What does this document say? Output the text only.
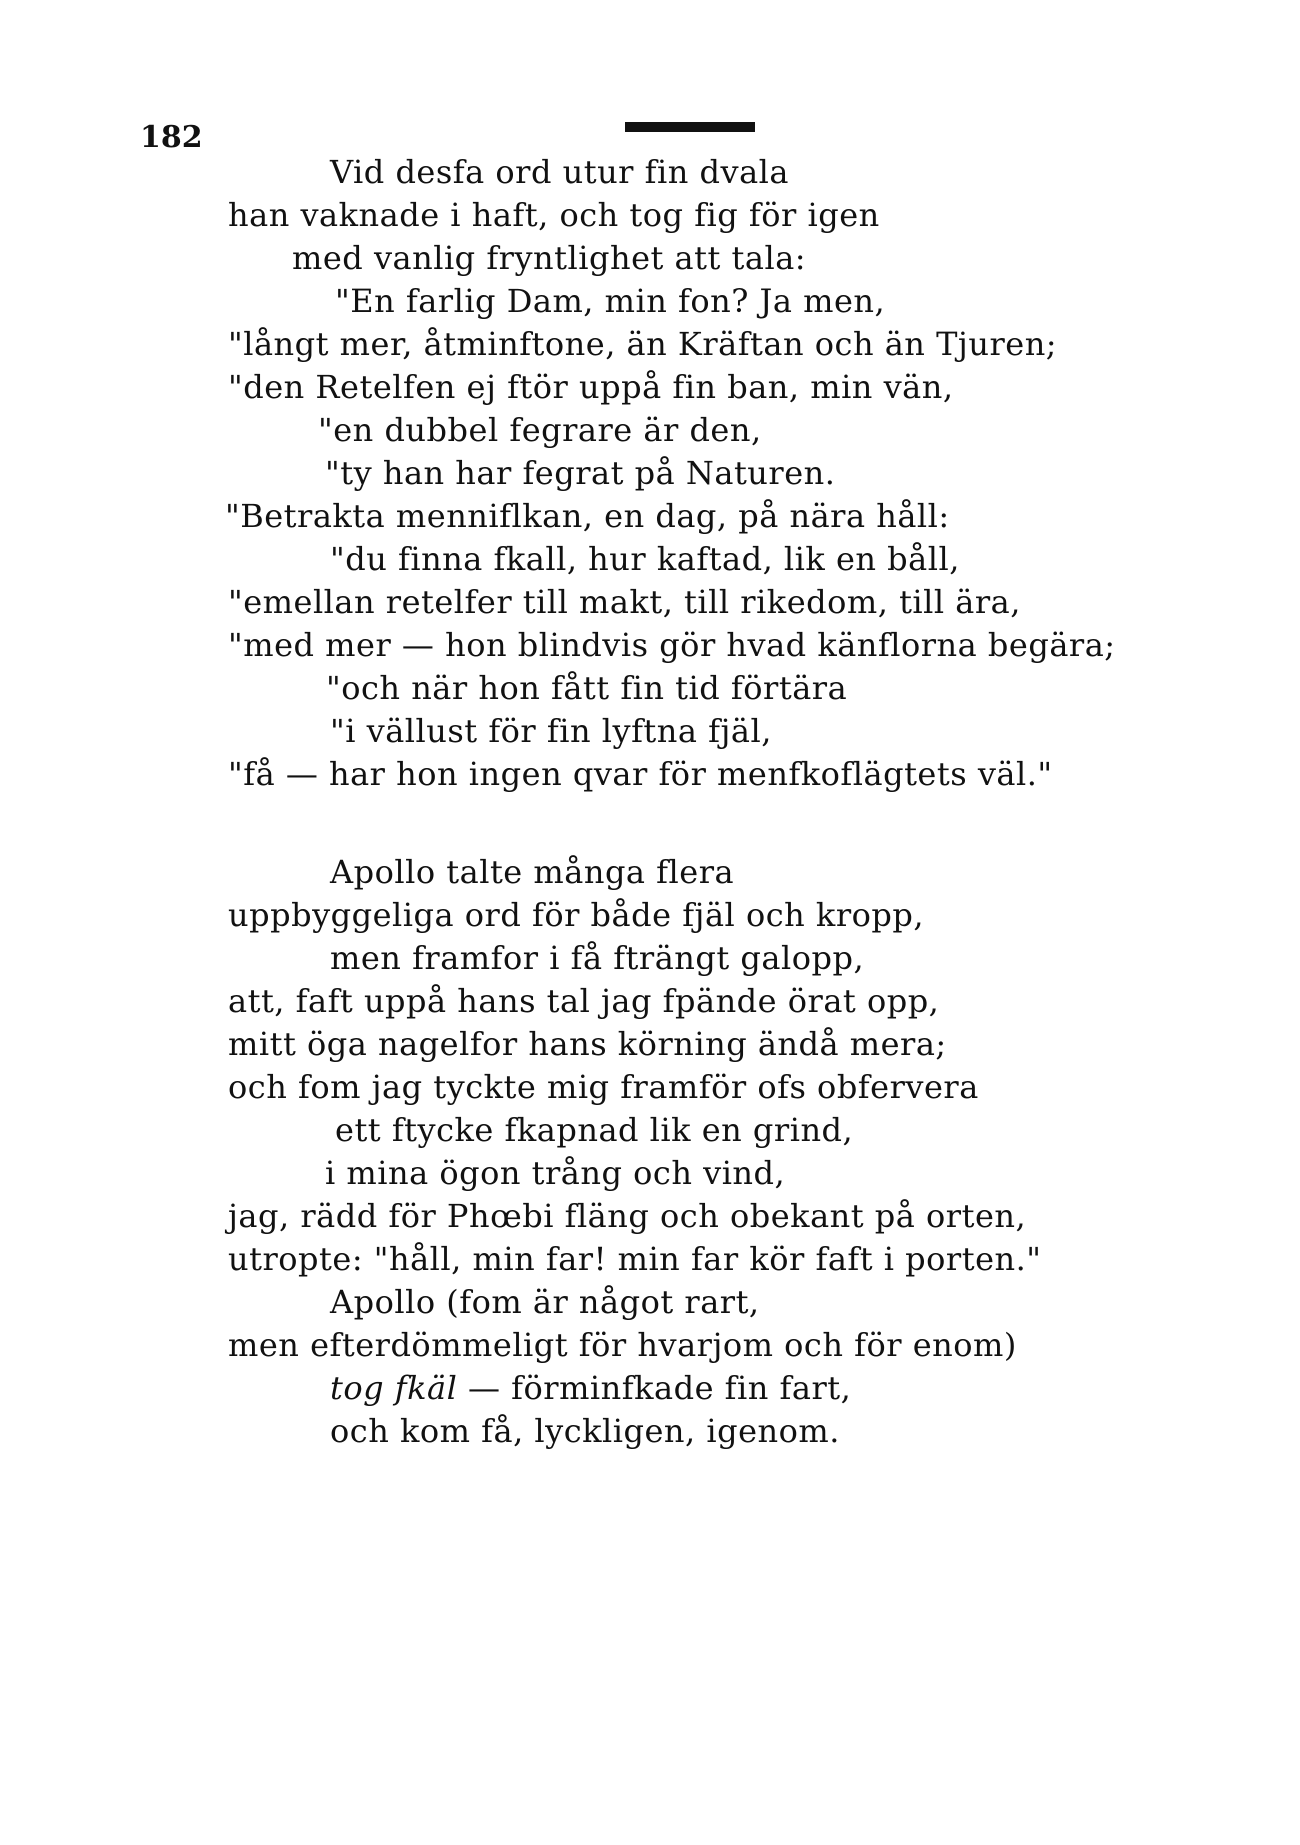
182
Vid desfa ord utur fin dvala
han vaknade i haft, och tog fig för igen
med vanlig fryntlighet att tala:
"En farlig Dam, min fon? Ja men,
"långt mer, åtminftone, än Kräftan och än Tjuren;
"den Retelfen ej ftör uppå fin ban, min vän,
"en dubbel fegrare är den,
"ty han har fegrat på Naturen.
"Betrakta menniflkan, en dag, på nära håll:
"du finna fkall, hur kaftad, lik en båll,
"emellan retelfer till makt, till rikedom, till ära,
"med mer — hon blindvis gör hvad känflorna begära;
"och när hon fått fin tid förtära
"i vällust för fin lyftna fjäl,
"få — har hon ingen qvar för menfkoflägtets väl."
Apollo talte många flera
uppbyggeliga ord för både fjäl och kropp,
men framfor i få fträngt galopp,
att, faft uppå hans tal jag fpände örat opp,
mitt öga nagelfor hans körning ändå mera;
och fom jag tyckte mig framför ofs obfervera
ett ftycke fkapnad lik en grind,
i mina ögon trång och vind,
jag, rädd för Phœbi fläng och obekant på orten,
utropte: "håll, min far! min far kör faft i porten."
Apollo (fom är något rart,
men efterdömmeligt för hvarjom och för enom)
tog fkäl — förminfkade fin fart,
och kom få, lyckligen, igenom.
